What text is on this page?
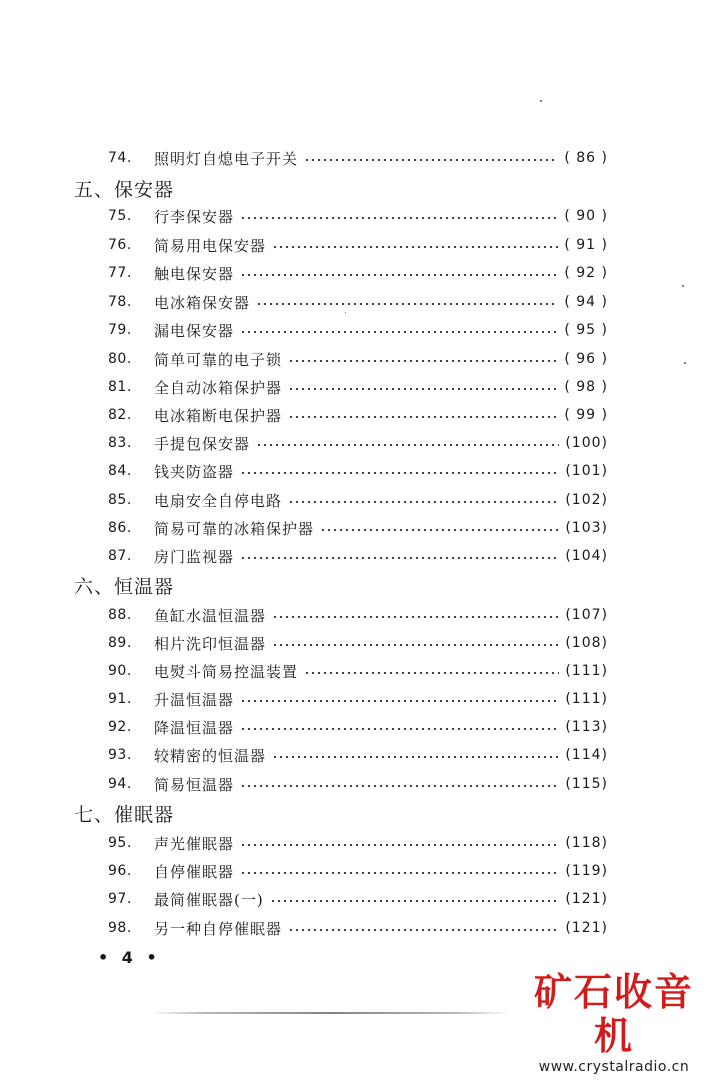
74.	照明灯自熄电子开关	( 86 )
五、保安器
75.	行李保安器	( 90 )
76.	简易用电保安器	( 91 )
77.	触电保安器	( 92 )
78.	电冰箱保安器	( 94 )
79.	漏电保安器	( 95 )
80.	简单可靠的电子锁	( 96 )
81.	全自动冰箱保护器	( 98 )
82.	电冰箱断电保护器	( 99 )
83.	手提包保安器	(100)
84.	钱夹防盗器	(101)
85.	电扇安全自停电路	(102)
86.	简易可靠的冰箱保护器	(103)
87.	房门监视器	(104)
六、恒温器
88.	鱼缸水温恒温器	(107)
89.	相片洗印恒温器	(108)
90.	电熨斗简易控温装置	(111)
91.	升温恒温器	(111)
92.	降温恒温器	(113)
93.	较精密的恒温器	(114)
94.	简易恒温器	(115)
七、催眠器
95.	声光催眠器	(118)
96.	自停催眠器	(119)
97.	最简催眠器(一)	(121)
98.	另一种自停催眠器	(121)
• 4 •
矿石收音机
www.crystalradio.cn
